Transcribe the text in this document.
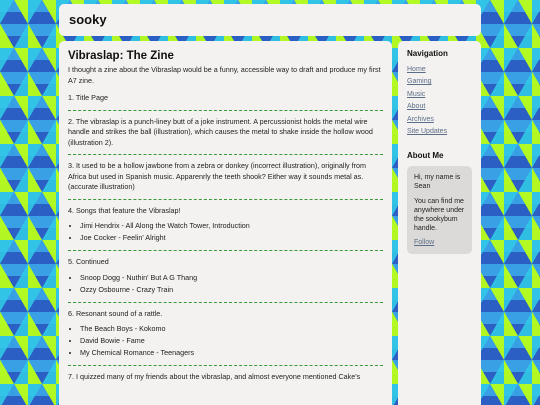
sooky
Vibraslap: The Zine

I thought a zine about the Vibraslap would be a funny, accessible way to draft and produce my first A7 zine.

1. Title Page

2. The vibraslap is a punch-liney butt of a joke instrument. A percussionist holds the metal wire handle and strikes the ball (illustration), which causes the metal to shake inside the hollow wood (illustration 2).

3. It used to be a hollow jawbone from a zebra or donkey (incorrect illustration), originally from Africa but used in Spanish music. Apparenrly the teeth shook? Either way it sounds metal as. (accurate illustration)

4. Songs that feature the Vibraslap!

• Jimi Hendrix - All Along the Watch Tower, Introduction
• Joe Cocker - Feelin' Alright

5. Continued

• Snoop Dogg - Nuthin' But A G Thang
• Ozzy Osbourne - Crazy Train

6. Resonant sound of a rattle.

• The Beach Boys - Kokomo
• David Bowie - Fame
• My Chemical Romance - Teenagers

7. I quizzed many of my friends about the vibraslap, and almost everyone mentioned Cake's

Navigation
Home
Gaming
Music
About
Archives
Site Updates
About Me

Hi, my name is Sean

You can find me anywhere under the sookybum handle.

Follow
